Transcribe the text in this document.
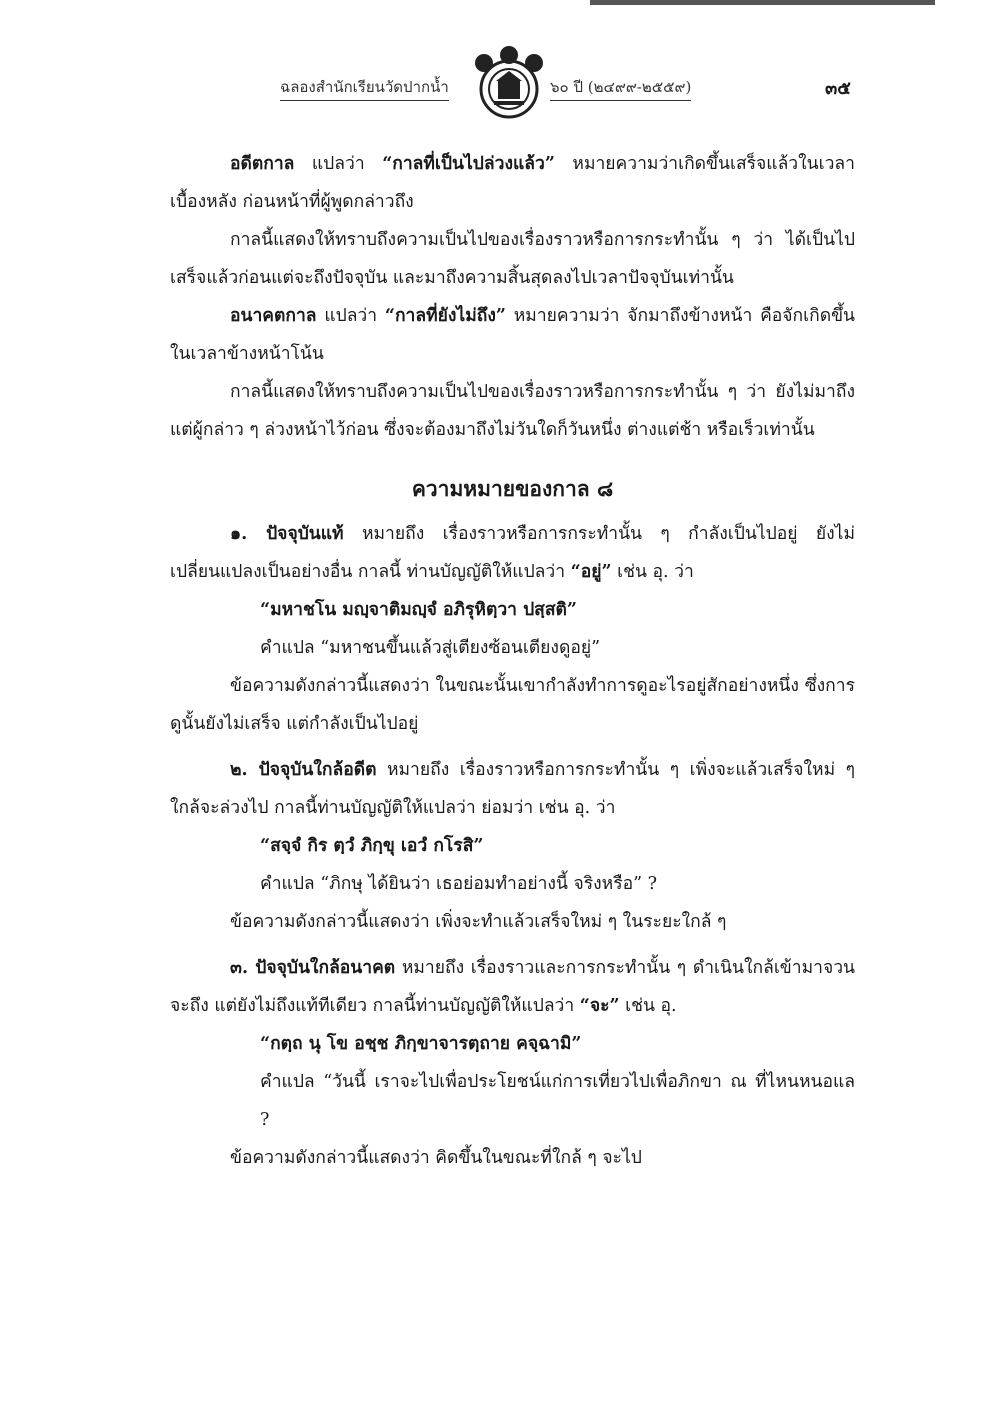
ฉลองสำนักเรียนวัดปากน้ำ	๖๐ ปี (๒๔๙๙-๒๕๕๙)	๓๕

อดีตกาล แปลว่า “กาลที่เป็นไปล่วงแล้ว” หมายความว่าเกิดขึ้นเสร็จแล้วในเวลาเบื้องหลัง ก่อนหน้าที่ผู้พูดกล่าวถึง

กาลนี้แสดงให้ทราบถึงความเป็นไปของเรื่องราวหรือการกระทำนั้น ๆ ว่า ได้เป็นไปเสร็จแล้วก่อนแต่จะถึงปัจจุบัน และมาถึงความสิ้นสุดลงไปเวลาปัจจุบันเท่านั้น

อนาคตกาล แปลว่า “กาลที่ยังไม่ถึง” หมายความว่า จักมาถึงข้างหน้า คือจักเกิดขึ้นในเวลาข้างหน้าโน้น

กาลนี้แสดงให้ทราบถึงความเป็นไปของเรื่องราวหรือการกระทำนั้น ๆ ว่า ยังไม่มาถึง แต่ผู้กล่าว ๆ ล่วงหน้าไว้ก่อน ซึ่งจะต้องมาถึงไม่วันใดก็วันหนึ่ง ต่างแต่ช้า หรือเร็วเท่านั้น

ความหมายของกาล ๘

๑. ปัจจุบันแท้ หมายถึง เรื่องราวหรือการกระทำนั้น ๆ กำลังเป็นไปอยู่ ยังไม่เปลี่ยนแปลงเป็นอย่างอื่น กาลนี้ ท่านบัญญัติให้แปลว่า “อยู่” เช่น อุ. ว่า

“มหาชโน มญฺจาติมญฺจํ อภิรุหิตฺวา ปสฺสติ”

คำแปล “มหาชนขึ้นแล้วสู่เตียงซ้อนเตียงดูอยู่”

ข้อความดังกล่าวนี้แสดงว่า ในขณะนั้นเขากำลังทำการดูอะไรอยู่สักอย่างหนึ่ง ซึ่งการดูนั้นยังไม่เสร็จ แต่กำลังเป็นไปอยู่

๒. ปัจจุบันใกล้อดีต หมายถึง เรื่องราวหรือการกระทำนั้น ๆ เพิ่งจะแล้วเสร็จใหม่ ๆ ใกล้จะล่วงไป กาลนี้ท่านบัญญัติให้แปลว่า ย่อมว่า เช่น อุ. ว่า

“สจฺจํ กิร ตฺวํ ภิกฺขุ เอวํ กโรสิ”

คำแปล “ภิกษุ ได้ยินว่า เธอย่อมทำอย่างนี้ จริงหรือ” ?

ข้อความดังกล่าวนี้แสดงว่า เพิ่งจะทำแล้วเสร็จใหม่ ๆ ในระยะใกล้ ๆ

๓. ปัจจุบันใกล้อนาคต หมายถึง เรื่องราวและการกระทำนั้น ๆ ดำเนินใกล้เข้ามาจวนจะถึง แต่ยังไม่ถึงแท้ทีเดียว กาลนี้ท่านบัญญัติให้แปลว่า “จะ” เช่น อุ.

“กตฺถ นุ โข อชฺช ภิกฺขาจารตฺถาย คจฺฉามิ”

คำแปล “วันนี้ เราจะไปเพื่อประโยชน์แก่การเที่ยวไปเพื่อภิกขา ณ ที่ไหนหนอแล ?

ข้อความดังกล่าวนี้แสดงว่า คิดขึ้นในขณะที่ใกล้ ๆ จะไป
